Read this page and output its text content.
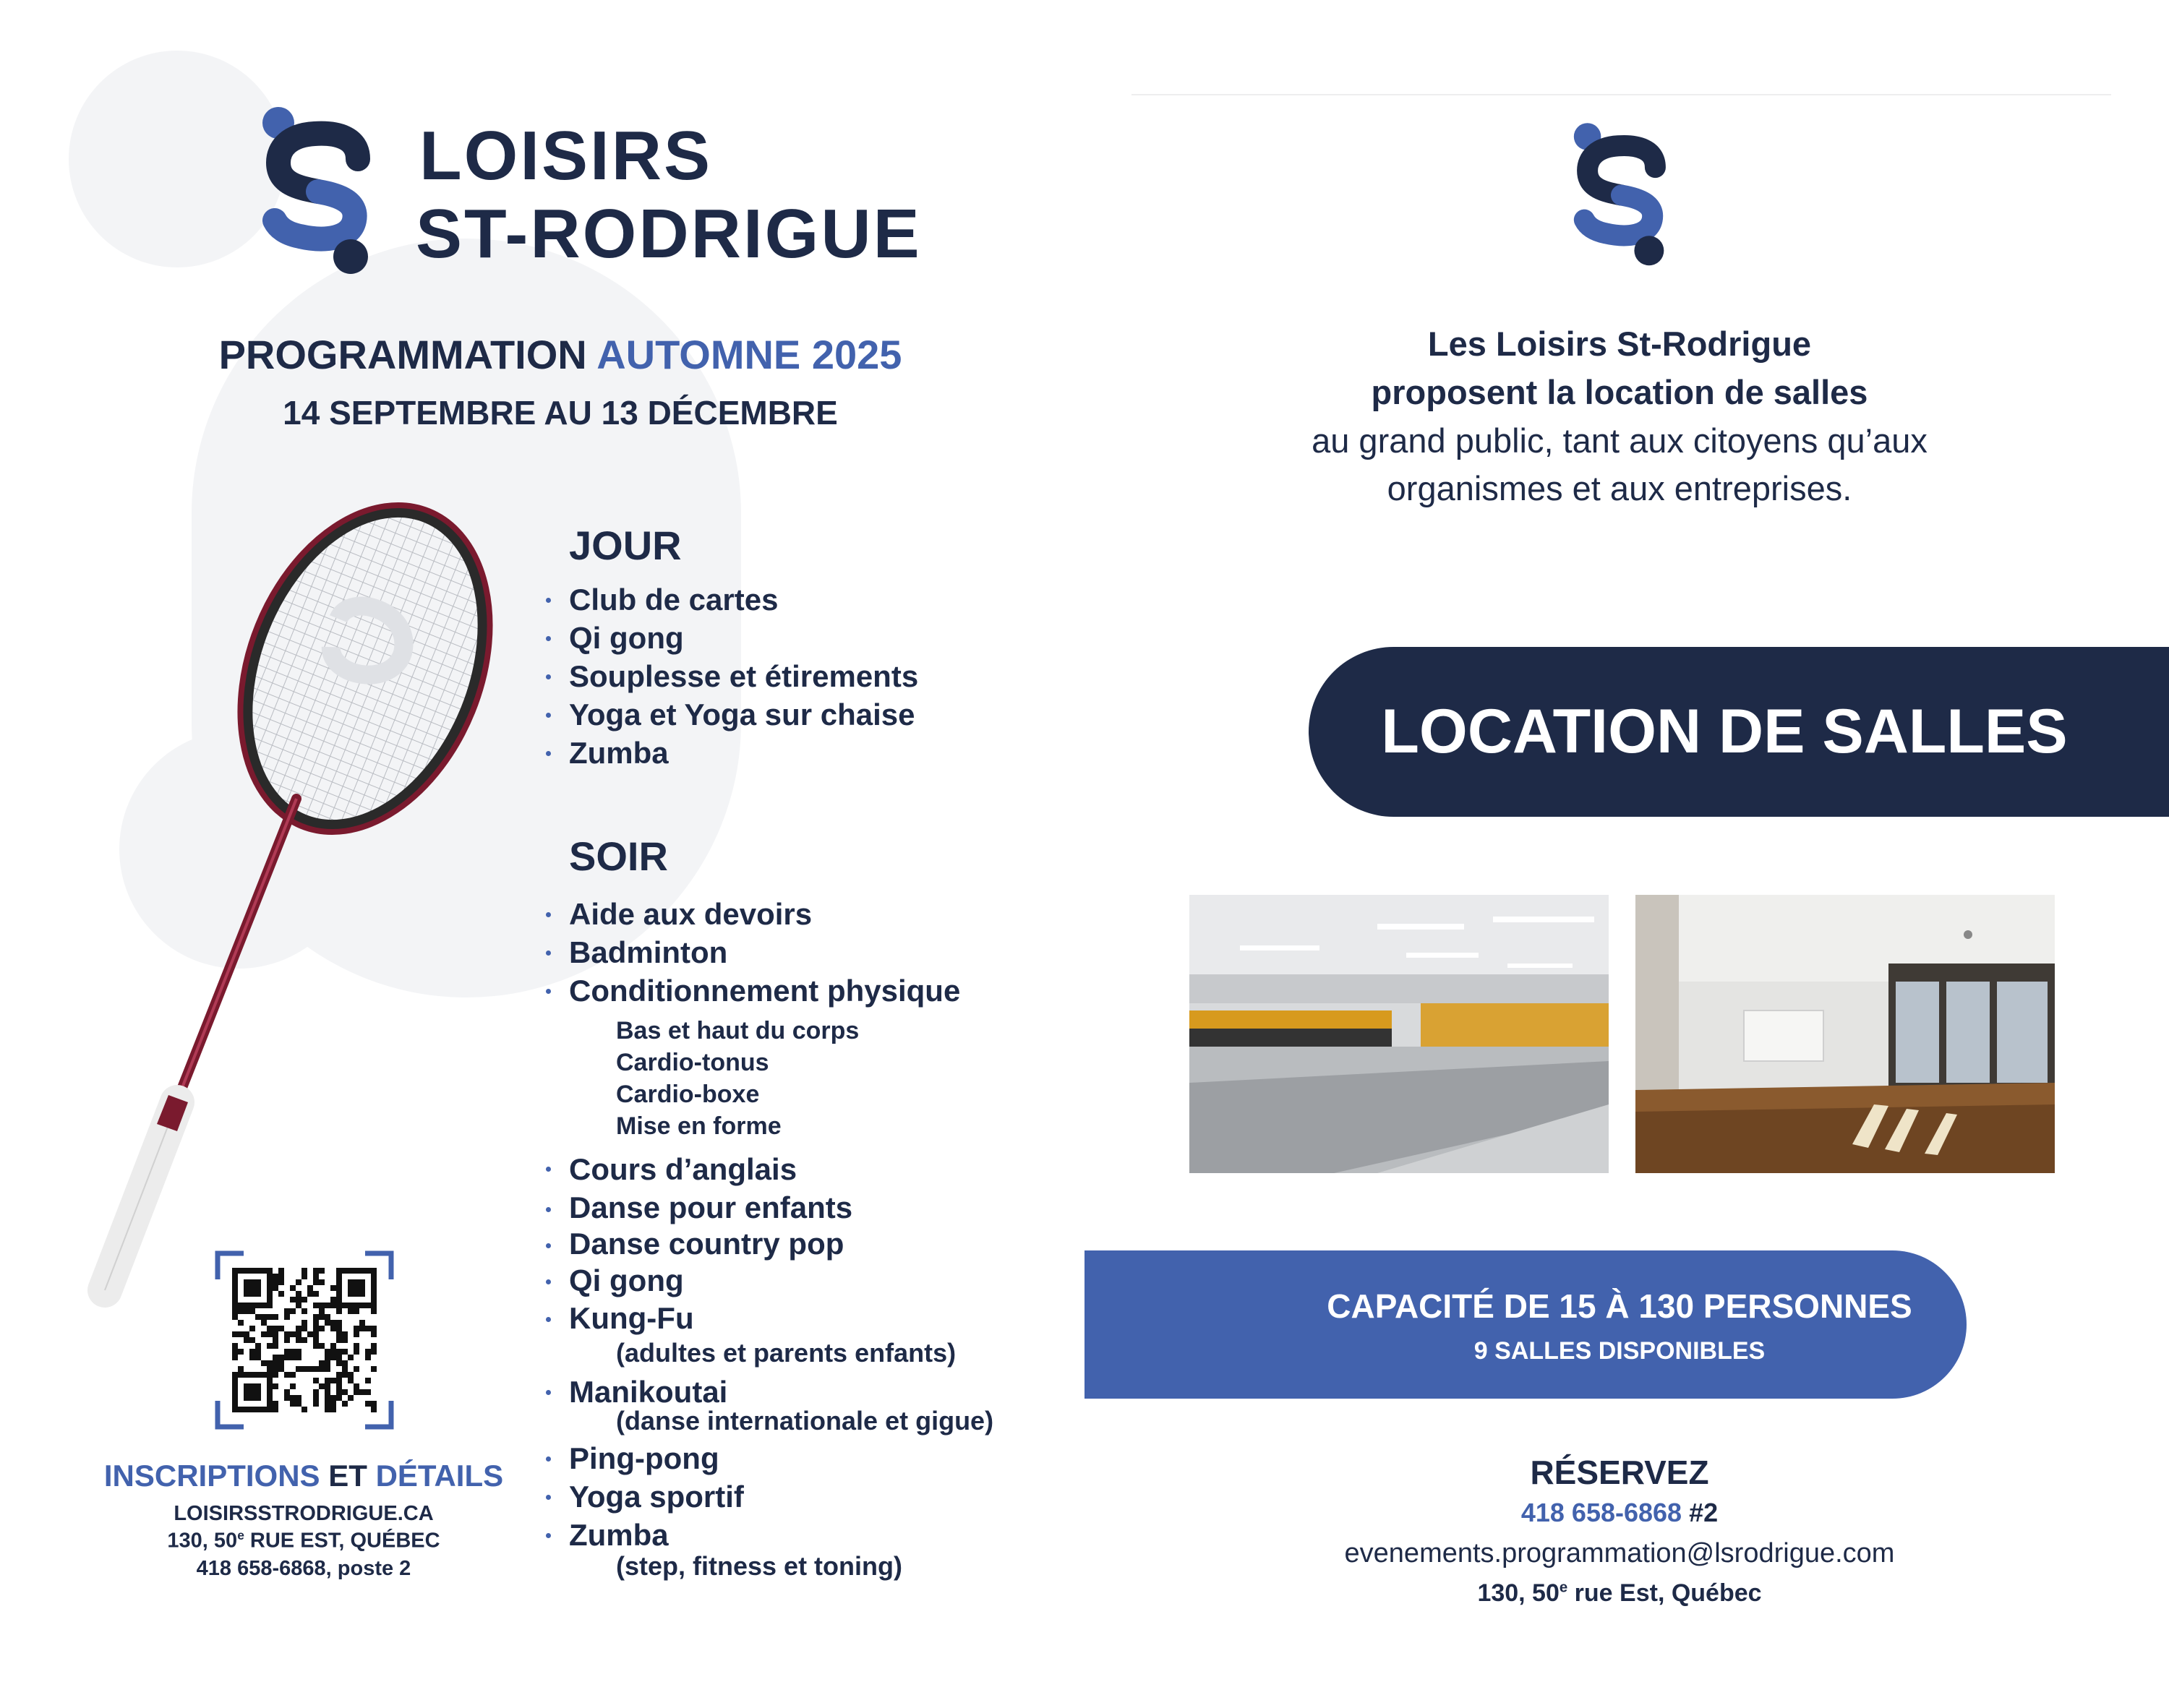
LOISIRS
ST-RODRIGUE
PROGRAMMATION AUTOMNE 2025
14 SEPTEMBRE AU 13 DÉCEMBRE
JOUR
Club de cartes
Qi gong
Souplesse et étirements
Yoga et Yoga sur chaise
Zumba
SOIR
Aide aux devoirs
Badminton
Conditionnement physique
Bas et haut du corps
Cardio-tonus
Cardio-boxe
Mise en forme
Cours d’anglais
Danse pour enfants
Danse country pop
Qi gong
Kung-Fu
(adultes et parents enfants)
Manikoutai
(danse internationale et gigue)
Ping-pong
Yoga sportif
Zumba
(step, fitness et toning)
INSCRIPTIONS ET DÉTAILS
LOISIRSSTRODRIGUE.CA
130, 50e RUE EST, QUÉBEC
418 658-6868, poste 2
Les Loisirs St-Rodrigue
proposent la location de salles
au grand public, tant aux citoyens qu’aux
organismes et aux entreprises.
LOCATION DE SALLES
CAPACITÉ DE 15 À 130 PERSONNES
9 SALLES DISPONIBLES
RÉSERVEZ
418 658-6868 #2
evenements.programmation@lsrodrigue.com
130, 50e rue Est, Québec
